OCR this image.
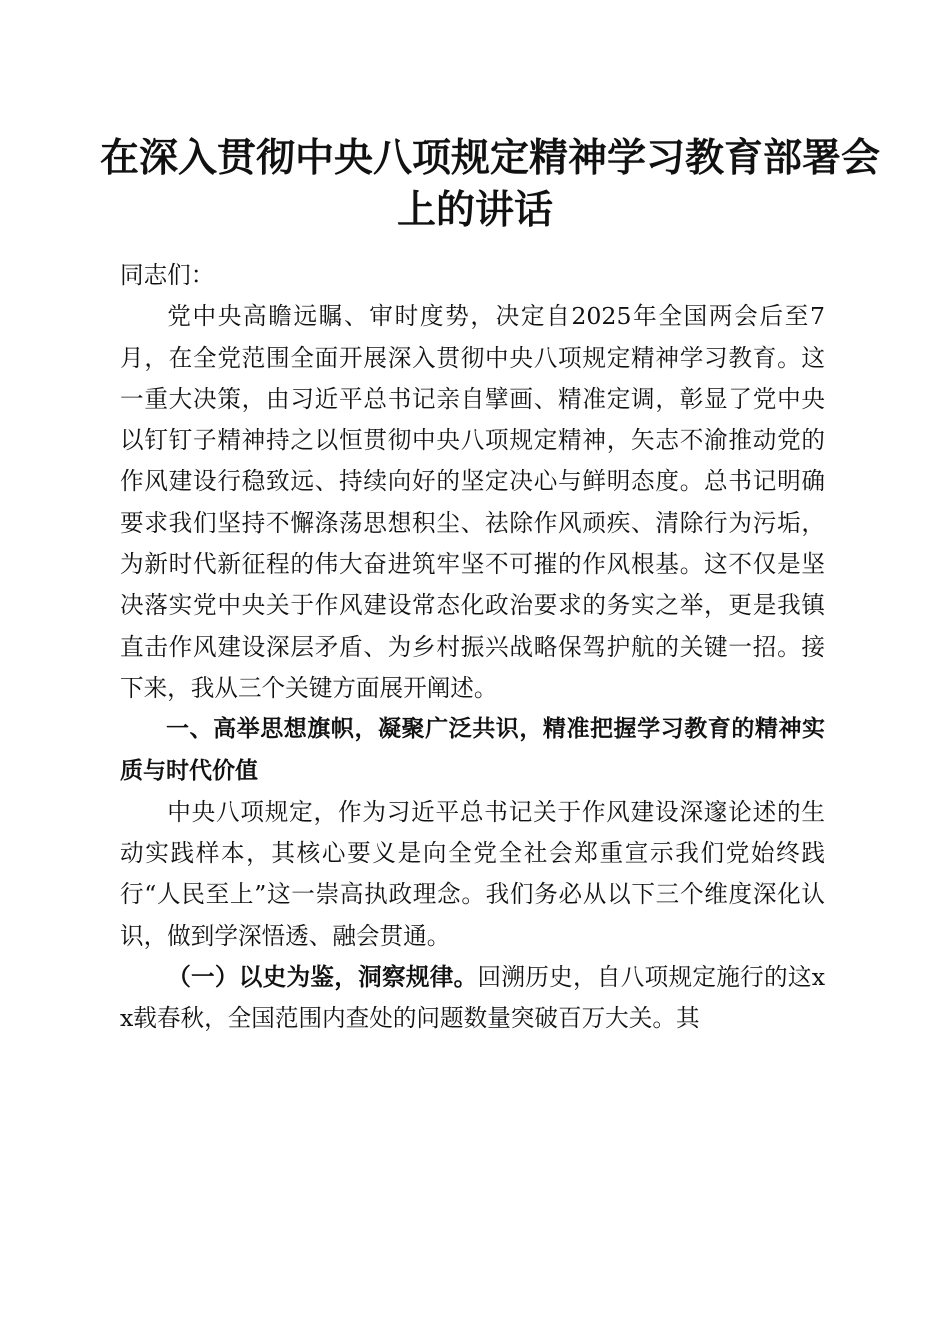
在深入贯彻中央八项规定精神学习教育部署会
上的讲话

同志们：

党中央高瞻远瞩、审时度势，决定自2025年全国两会后至7月，在全党范围全面开展深入贯彻中央八项规定精神学习教育。这一重大决策，由习近平总书记亲自擘画、精准定调，彰显了党中央以钉钉子精神持之以恒贯彻中央八项规定精神，矢志不渝推动党的作风建设行稳致远、持续向好的坚定决心与鲜明态度。总书记明确要求我们坚持不懈涤荡思想积尘、祛除作风顽疾、清除行为污垢，为新时代新征程的伟大奋进筑牢坚不可摧的作风根基。这不仅是坚决落实党中央关于作风建设常态化政治要求的务实之举，更是我镇直击作风建设深层矛盾、为乡村振兴战略保驾护航的关键一招。接下来，我从三个关键方面展开阐述。

一、高举思想旗帜，凝聚广泛共识，精准把握学习教育的精神实质与时代价值

中央八项规定，作为习近平总书记关于作风建设深邃论述的生动实践样本，其核心要义是向全党全社会郑重宣示我们党始终践行“人民至上”这一崇高执政理念。我们务必从以下三个维度深化认识，做到学深悟透、融会贯通。

（一）以史为鉴，洞察规律。回溯历史，自八项规定施行的这xx载春秋，全国范围内查处的问题数量突破百万大关。其
